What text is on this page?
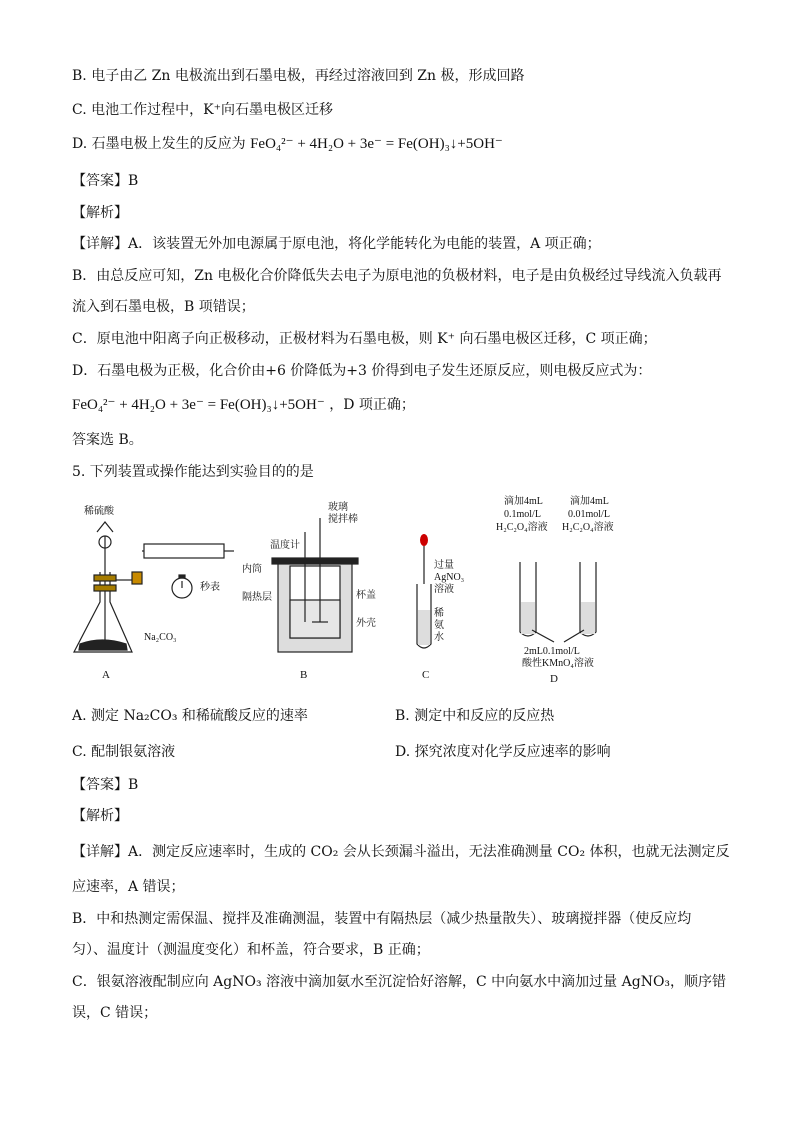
B. 电子由乙 Zn 电极流出到石墨电极，再经过溶液回到 Zn 极，形成回路
C. 电池工作过程中，K⁺向石墨电极区迁移
D. 石墨电极上发生的反应为 FeO₄²⁻ + 4H₂O + 3e⁻ = Fe(OH)₃↓+5OH⁻
【答案】B
【解析】
【详解】A．该装置无外加电源属于原电池，将化学能转化为电能的装置，A 项正确；
B．由总反应可知，Zn 电极化合价降低失去电子为原电池的负极材料，电子是由负极经过导线流入负载再
流入到石墨电极，B 项错误；
C．原电池中阳离子向正极移动，正极材料为石墨电极，则 K⁺ 向石墨电极区迁移，C 项正确；
D．石墨电极为正极，化合价由+6 价降低为+3 价得到电子发生还原反应，则电极反应式为：
FeO₄²⁻ + 4H₂O + 3e⁻ = Fe(OH)₃↓+5OH⁻ ，D 项正确；
答案选 B。
5. 下列装置或操作能达到实验目的的是
稀硫酸
秒表
Na₂CO₃
A
温度计
玻璃
搅拌棒
内筒
杯盖
隔热层
外壳
B
过量
AgNO₃
溶液
稀
氨
水
C
滴加4mL
0.1mol/L
H₂C₂O₄溶液
滴加4mL
0.01mol/L
H₂C₂O₄溶液
2mL0.1mol/L
酸性KMnO₄溶液
D
A. 测定 Na₂CO₃ 和稀硫酸反应的速率	B. 测定中和反应的反应热
C. 配制银氨溶液	D. 探究浓度对化学反应速率的影响
【答案】B
【解析】
【详解】A．测定反应速率时，生成的 CO₂ 会从长颈漏斗溢出，无法准确测量 CO₂ 体积，也就无法测定反
应速率，A 错误；
B．中和热测定需保温、搅拌及准确测温，装置中有隔热层（减少热量散失）、玻璃搅拌器（使反应均
匀）、温度计（测温度变化）和杯盖，符合要求，B 正确；
C．银氨溶液配制应向 AgNO₃ 溶液中滴加氨水至沉淀恰好溶解，C 中向氨水中滴加过量 AgNO₃，顺序错
误，C 错误；
